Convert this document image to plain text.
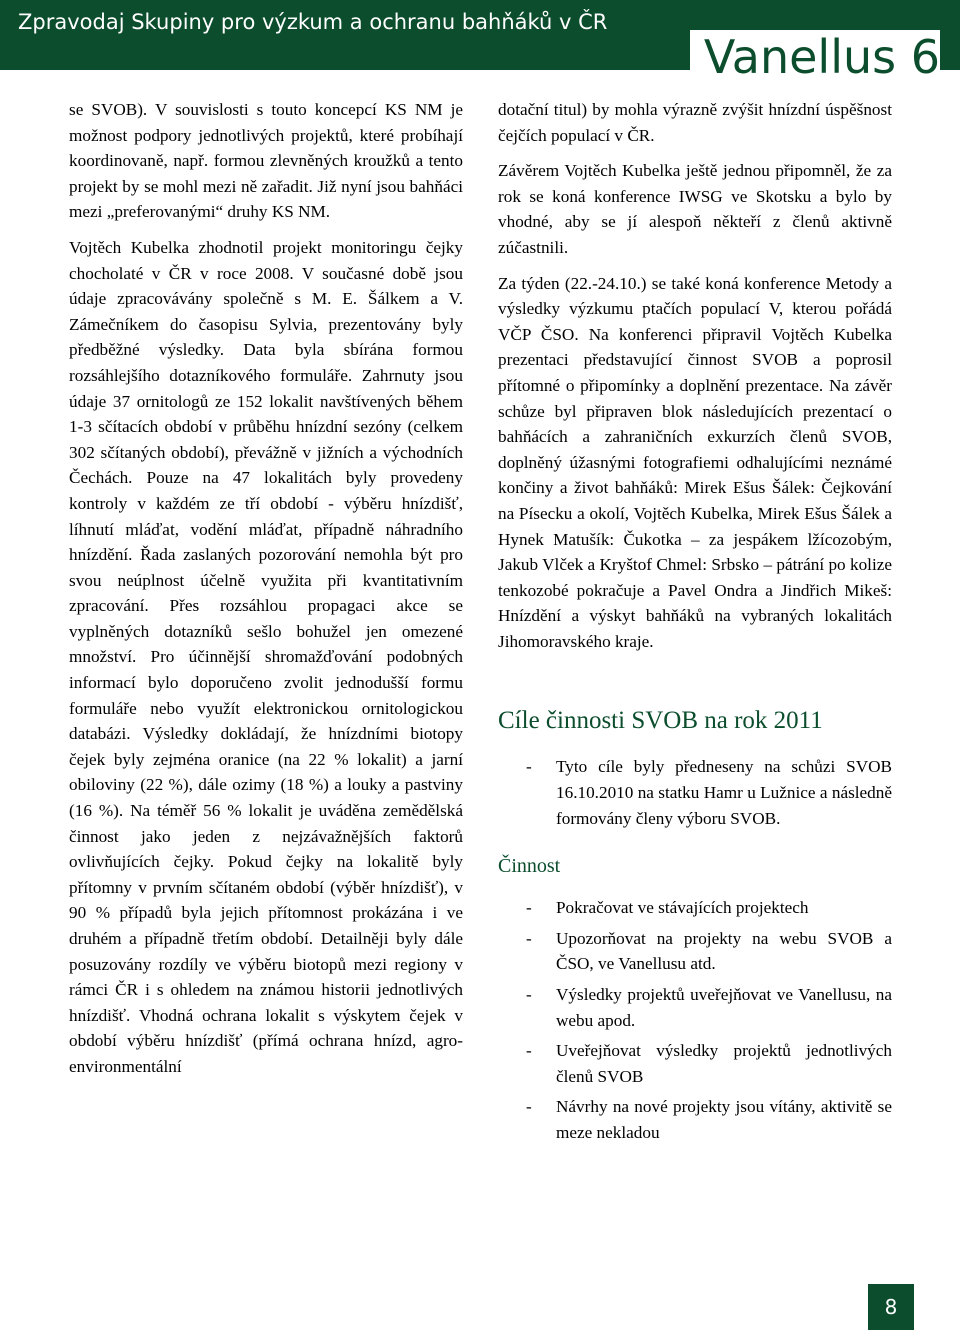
Zpravodaj Skupiny pro výzkum a ochranu bahňáků v ČR
Vanellus 6

se SVOB). V souvislosti s touto koncepcí KS NM je možnost podpory jednotlivých projektů, které probíhají koordinovaně, např. formou zlevněných kroužků a tento projekt by se mohl mezi ně zařadit. Již nyní jsou bahňáci mezi „preferovanými“ druhy KS NM.

Vojtěch Kubelka zhodnotil projekt monitoringu čejky chocholaté v ČR v roce 2008. V současné době jsou údaje zpracovávány společně s M. E. Šálkem a V. Zámečníkem do časopisu Sylvia, prezentovány byly předběžné výsledky. Data byla sbírána formou rozsáhlejšího dotazníkového formuláře. Zahrnuty jsou údaje 37 ornitologů ze 152 lokalit navštívených během 1-3 sčítacích období v průběhu hnízdní sezóny (celkem 302 sčítaných období), převážně v jižních a východních Čechách. Pouze na 47 lokalitách byly provedeny kontroly v každém ze tří období - výběru hnízdišť, líhnutí mláďat, vodění mláďat, případně náhradního hnízdění. Řada zaslaných pozorování nemohla být pro svou neúplnost účelně využita při kvantitativním zpracování. Přes rozsáhlou propagaci akce se vyplněných dotazníků sešlo bohužel jen omezené množství. Pro účinnější shromažďování podobných informací bylo doporučeno zvolit jednodušší formu formuláře nebo využít elektronickou ornitologickou databázi. Výsledky dokládají, že hnízdními biotopy čejek byly zejména oranice (na 22 % lokalit) a jarní obiloviny (22 %), dále ozimy (18 %) a louky a pastviny (16 %). Na téměř 56 % lokalit je uváděna zemědělská činnost jako jeden z nejzávažnějších faktorů ovlivňujících čejky. Pokud čejky na lokalitě byly přítomny v prvním sčítaném období (výběr hnízdišť), v 90 % případů byla jejich přítomnost prokázána i ve druhém a případně třetím období. Detailněji byly dále posuzovány rozdíly ve výběru biotopů mezi regiony v rámci ČR i s ohledem na známou historii jednotlivých hnízdišť. Vhodná ochrana lokalit s výskytem čejek v období výběru hnízdišť (přímá ochrana hnízd, agro-environmentální

dotační titul) by mohla výrazně zvýšit hnízdní úspěšnost čejčích populací v ČR.

Závěrem Vojtěch Kubelka ještě jednou připomněl, že za rok se koná konference IWSG ve Skotsku a bylo by vhodné, aby se jí alespoň někteří z členů aktivně zúčastnili.

Za týden (22.-24.10.) se také koná konference Metody a výsledky výzkumu ptačích populací V, kterou pořádá VČP ČSO. Na konferenci připravil Vojtěch Kubelka prezentaci představující činnost SVOB a poprosil přítomné o připomínky a doplnění prezentace. Na závěr schůze byl připraven blok následujících prezentací o bahňácích a zahraničních exkurzích členů SVOB, doplněný úžasnými fotografiemi odhalujícími neznámé končiny a život bahňáků: Mirek Ešus Šálek: Čejkování na Písecku a okolí, Vojtěch Kubelka, Mirek Ešus Šálek a Hynek Matušík: Čukotka – za jespákem lžícozobým, Jakub Vlček a Kryštof Chmel: Srbsko – pátrání po kolize tenkozobé pokračuje a Pavel Ondra a Jindřich Mikeš: Hnízdění a výskyt bahňáků na vybraných lokalitách Jihomoravského kraje.

Cíle činnosti SVOB na rok 2011
- Tyto cíle byly předneseny na schůzi SVOB 16.10.2010 na statku Hamr u Lužnice a následně formovány členy výboru SVOB.
Činnost
- Pokračovat ve stávajících projektech
- Upozorňovat na projekty na webu SVOB a ČSO, ve Vanellusu atd.
- Výsledky projektů uveřejňovat ve Vanellusu, na webu apod.
- Uveřejňovat výsledky projektů jednotlivých členů SVOB
- Návrhy na nové projekty jsou vítány, aktivitě se meze nekladou
8
